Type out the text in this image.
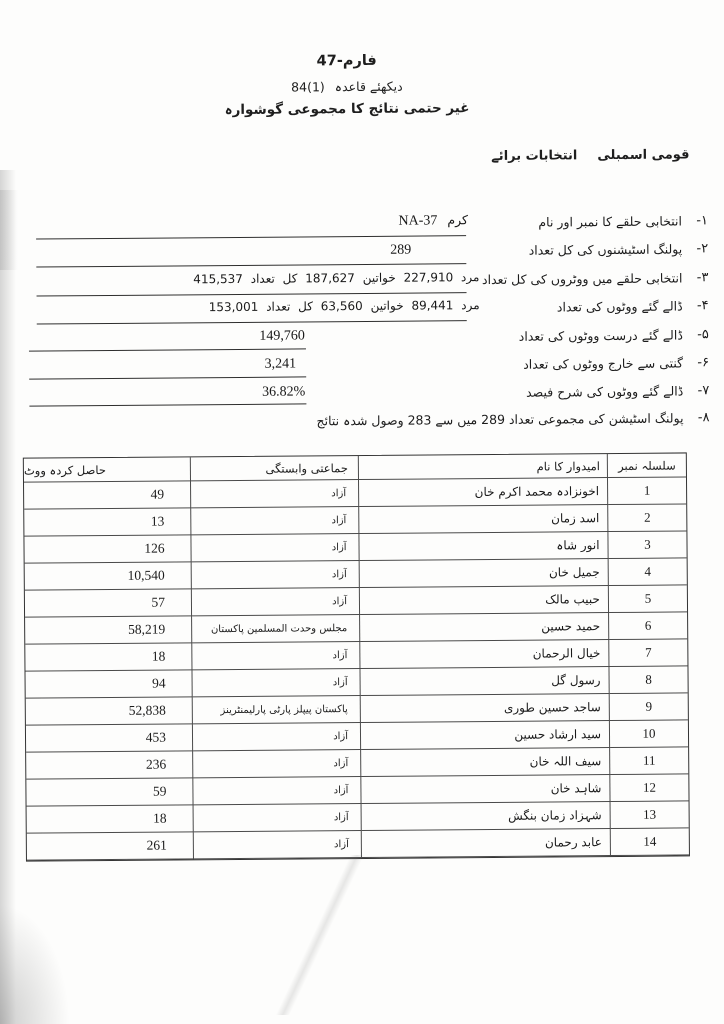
فارم-47
دیکھئے قاعدہ 84(1)
غیر حتمی نتائج کا مجموعی گوشوارہ
قومی اسمبلی
انتخابات برائے
۱-
انتخابی حلقے کا نمبر اور نام
کرم
NA-37
۲-
پولنگ اسٹیشنوں کی کل تعداد
289
۳-
انتخابی حلقے میں ووٹروں کی کل تعداد
مرد 227,910 خواتین 187,627 کل تعداد 415,537
۴-
ڈالے گئے ووٹوں کی تعداد
مرد 89,441 خواتین 63,560 کل تعداد 153,001
۵-
ڈالے گئے درست ووٹوں کی تعداد
149,760
۶-
گنتی سے خارج ووٹوں کی تعداد
3,241
۷-
ڈالے گئے ووٹوں کی شرح فیصد
36.82%
۸-
پولنگ اسٹیشن کی مجموعی تعداد 289 میں سے 283 وصول شدہ نتائج
حاصل کردہ ووٹ	جماعتی وابستگی	امیدوار کا نام	سلسلہ نمبر
49	آزاد	اخونزادہ محمد اکرم خان	1
13	آزاد	اسد زمان	2
126	آزاد	انور شاہ	3
10,540	آزاد	جمیل خان	4
57	آزاد	حبیب مالک	5
58,219	مجلس وحدت المسلمین پاکستان	حمید حسین	6
18	آزاد	خیال الرحمان	7
94	آزاد	رسول گل	8
52,838	پاکستان پیپلز پارٹی پارلیمنٹرینز	ساجد حسین طوری	9
453	آزاد	سید ارشاد حسین	10
236	آزاد	سیف اللہ خان	11
59	آزاد	شاہد خان	12
18	آزاد	شہزاد زمان بنگش	13
261	آزاد	عابد رحمان	14
